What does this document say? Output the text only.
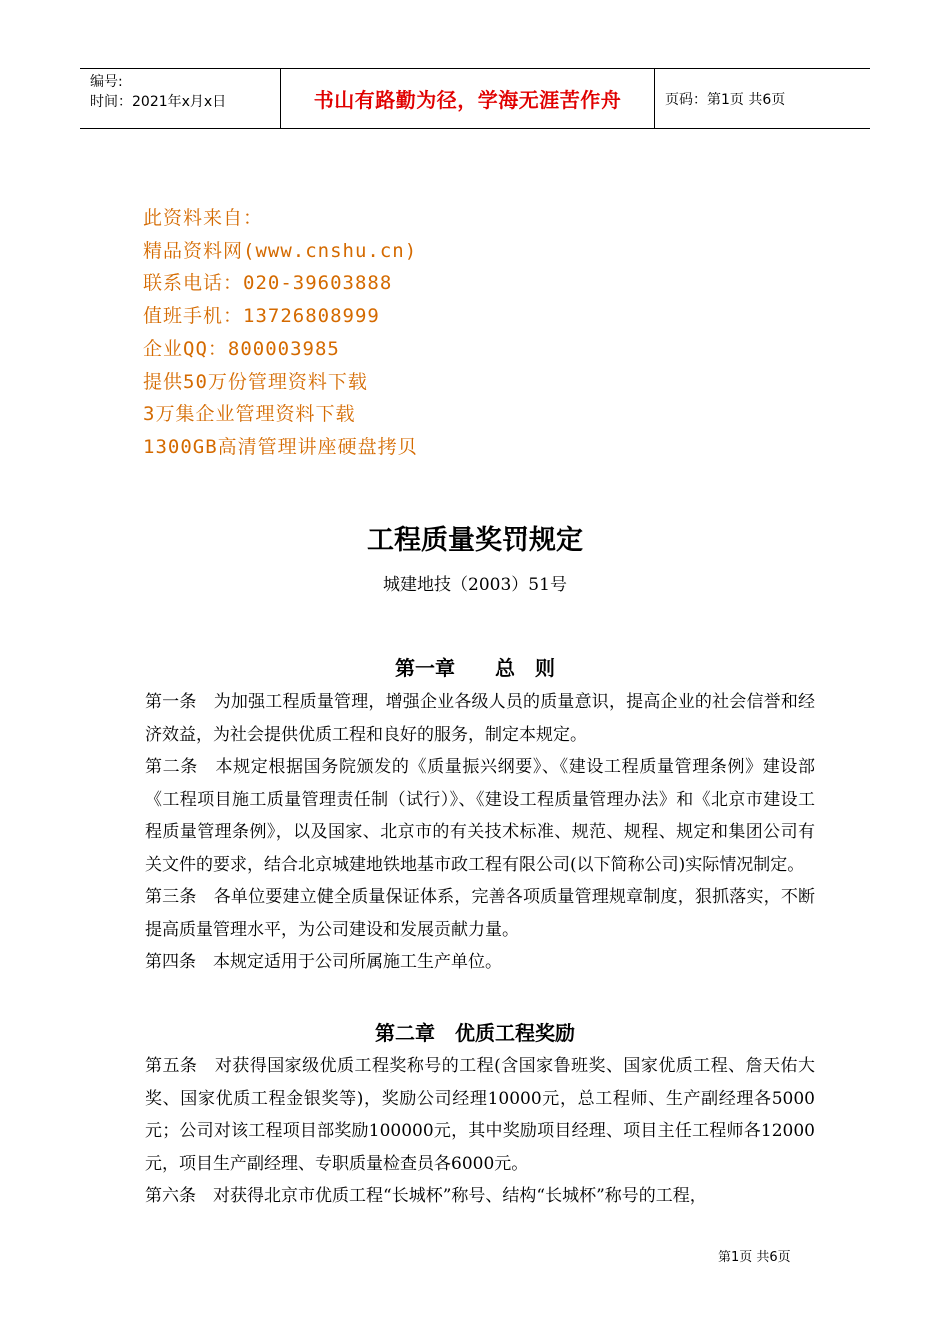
编号:
时间：2021年x月x日	书山有路勤为径，学海无涯苦作舟	页码：第1页 共6页
此资料来自：
精品资料网(www.cnshu.cn)
联系电话：020-39603888
值班手机：13726808999
企业QQ：800003985
提供50万份管理资料下载
3万集企业管理资料下载
1300GB高清管理讲座硬盘拷贝
工程质量奖罚规定
城建地技（2003）51号
第一章　　总　则

第一条　为加强工程质量管理，增强企业各级人员的质量意识，提高企业的社会信誉和经济效益，为社会提供优质工程和良好的服务，制定本规定。

第二条　本规定根据国务院颁发的《质量振兴纲要》、《建设工程质量管理条例》建设部《工程项目施工质量管理责任制（试行）》、《建设工程质量管理办法》和《北京市建设工程质量管理条例》，以及国家、北京市的有关技术标准、规范、规程、规定和集团公司有关文件的要求，结合北京城建地铁地基市政工程有限公司(以下简称公司)实际情况制定。

第三条　各单位要建立健全质量保证体系，完善各项质量管理规章制度，狠抓落实，不断提高质量管理水平，为公司建设和发展贡献力量。

第四条　本规定适用于公司所属施工生产单位。

第二章　优质工程奖励

第五条　对获得国家级优质工程奖称号的工程(含国家鲁班奖、国家优质工程、詹天佑大奖、国家优质工程金银奖等)，奖励公司经理10000元，总工程师、生产副经理各5000元；公司对该工程项目部奖励100000元，其中奖励项目经理、项目主任工程师各12000元，项目生产副经理、专职质量检查员各6000元。

第六条　对获得北京市优质工程“长城杯”称号、结构“长城杯”称号的工程，

第1页 共6页
